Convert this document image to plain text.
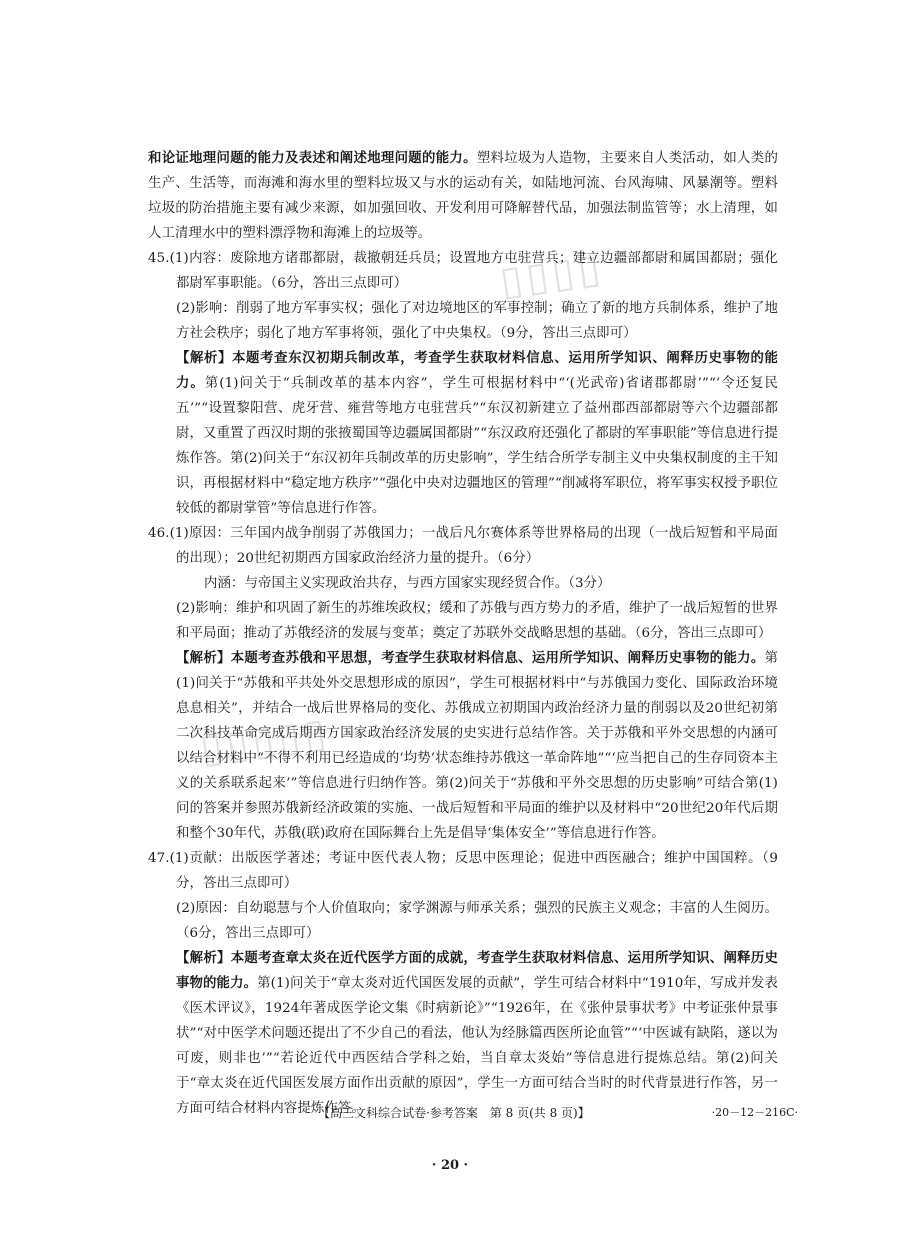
▯▯▯▯
▯▯▯▯▯

和论证地理问题的能力及表述和阐述地理问题的能力。塑料垃圾为人造物，主要来自人类活动，如人类的生产、生活等，而海滩和海水里的塑料垃圾又与水的运动有关，如陆地河流、台风海啸、风暴潮等。塑料垃圾的防治措施主要有减少来源，如加强回收、开发利用可降解替代品，加强法制监管等；水上清理，如人工清理水中的塑料漂浮物和海滩上的垃圾等。

45.(1)内容：废除地方诸郡都尉，裁撤朝廷兵员；设置地方屯驻营兵；建立边疆部都尉和属国都尉；强化都尉军事职能。（6分，答出三点即可）

(2)影响：削弱了地方军事实权；强化了对边境地区的军事控制；确立了新的地方兵制体系，维护了地方社会秩序；弱化了地方军事将领，强化了中央集权。（9分，答出三点即可）

【解析】本题考查东汉初期兵制改革，考查学生获取材料信息、运用所学知识、阐释历史事物的能力。第(1)问关于“兵制改革的基本内容”，学生可根据材料中“‘(光武帝)省诸郡都尉’”“‘令还复民五’”“设置黎阳营、虎牙营、雍营等地方屯驻营兵”“东汉初新建立了益州郡西部都尉等六个边疆部都尉，又重置了西汉时期的张掖蜀国等边疆属国都尉”“东汉政府还强化了都尉的军事职能”等信息进行提炼作答。第(2)问关于“东汉初年兵制改革的历史影响”，学生结合所学专制主义中央集权制度的主干知识，再根据材料中“稳定地方秩序”“强化中央对边疆地区的管理”“削减将军职位，将军事实权授予职位较低的都尉掌管”等信息进行作答。

46.(1)原因：三年国内战争削弱了苏俄国力；一战后凡尔赛体系等世界格局的出现（一战后短暂和平局面的出现）；20世纪初期西方国家政治经济力量的提升。（6分）

内涵：与帝国主义实现政治共存，与西方国家实现经贸合作。（3分）

(2)影响：维护和巩固了新生的苏维埃政权；缓和了苏俄与西方势力的矛盾，维护了一战后短暂的世界和平局面；推动了苏俄经济的发展与变革；奠定了苏联外交战略思想的基础。（6分，答出三点即可）

【解析】本题考查苏俄和平思想，考查学生获取材料信息、运用所学知识、阐释历史事物的能力。第(1)问关于“苏俄和平共处外交思想形成的原因”，学生可根据材料中“与苏俄国力变化、国际政治环境息息相关”，并结合一战后世界格局的变化、苏俄成立初期国内政治经济力量的削弱以及20世纪初第二次科技革命完成后期西方国家政治经济发展的史实进行总结作答。关于苏俄和平外交思想的内涵可以结合材料中“不得不利用已经造成的‘均势’状态维持苏俄这一革命阵地”“‘应当把自己的生存同资本主义的关系联系起来’”等信息进行归纳作答。第(2)问关于“苏俄和平外交思想的历史影响”可结合第(1)问的答案并参照苏俄新经济政策的实施、一战后短暂和平局面的维护以及材料中“20世纪20年代后期和整个30年代，苏俄(联)政府在国际舞台上先是倡导‘集体安全’”等信息进行作答。

47.(1)贡献：出版医学著述；考证中医代表人物；反思中医理论；促进中西医融合；维护中国国粹。（9分，答出三点即可）

(2)原因：自幼聪慧与个人价值取向；家学渊源与师承关系；强烈的民族主义观念；丰富的人生阅历。（6分，答出三点即可）

【解析】本题考查章太炎在近代医学方面的成就，考查学生获取材料信息、运用所学知识、阐释历史事物的能力。第(1)问关于“章太炎对近代国医发展的贡献”，学生可结合材料中“1910年，写成并发表《医术评议》，1924年著成医学论文集《时病新论》”“1926年，在《张仲景事状考》中考证张仲景事状”“对中医学术问题还提出了不少自己的看法，他认为经脉篇西医所论血管”“‘中医诚有缺陷，遂以为可废，则非也’”“若论近代中西医结合学科之始，当自章太炎始”等信息进行提炼总结。第(2)问关于“章太炎在近代国医发展方面作出贡献的原因”，学生一方面可结合当时的时代背景进行作答，另一方面可结合材料内容提炼作答。

【高三文科综合试卷·参考答案　第 8 页(共 8 页)】	·20－12－216C·
· 20 ·
